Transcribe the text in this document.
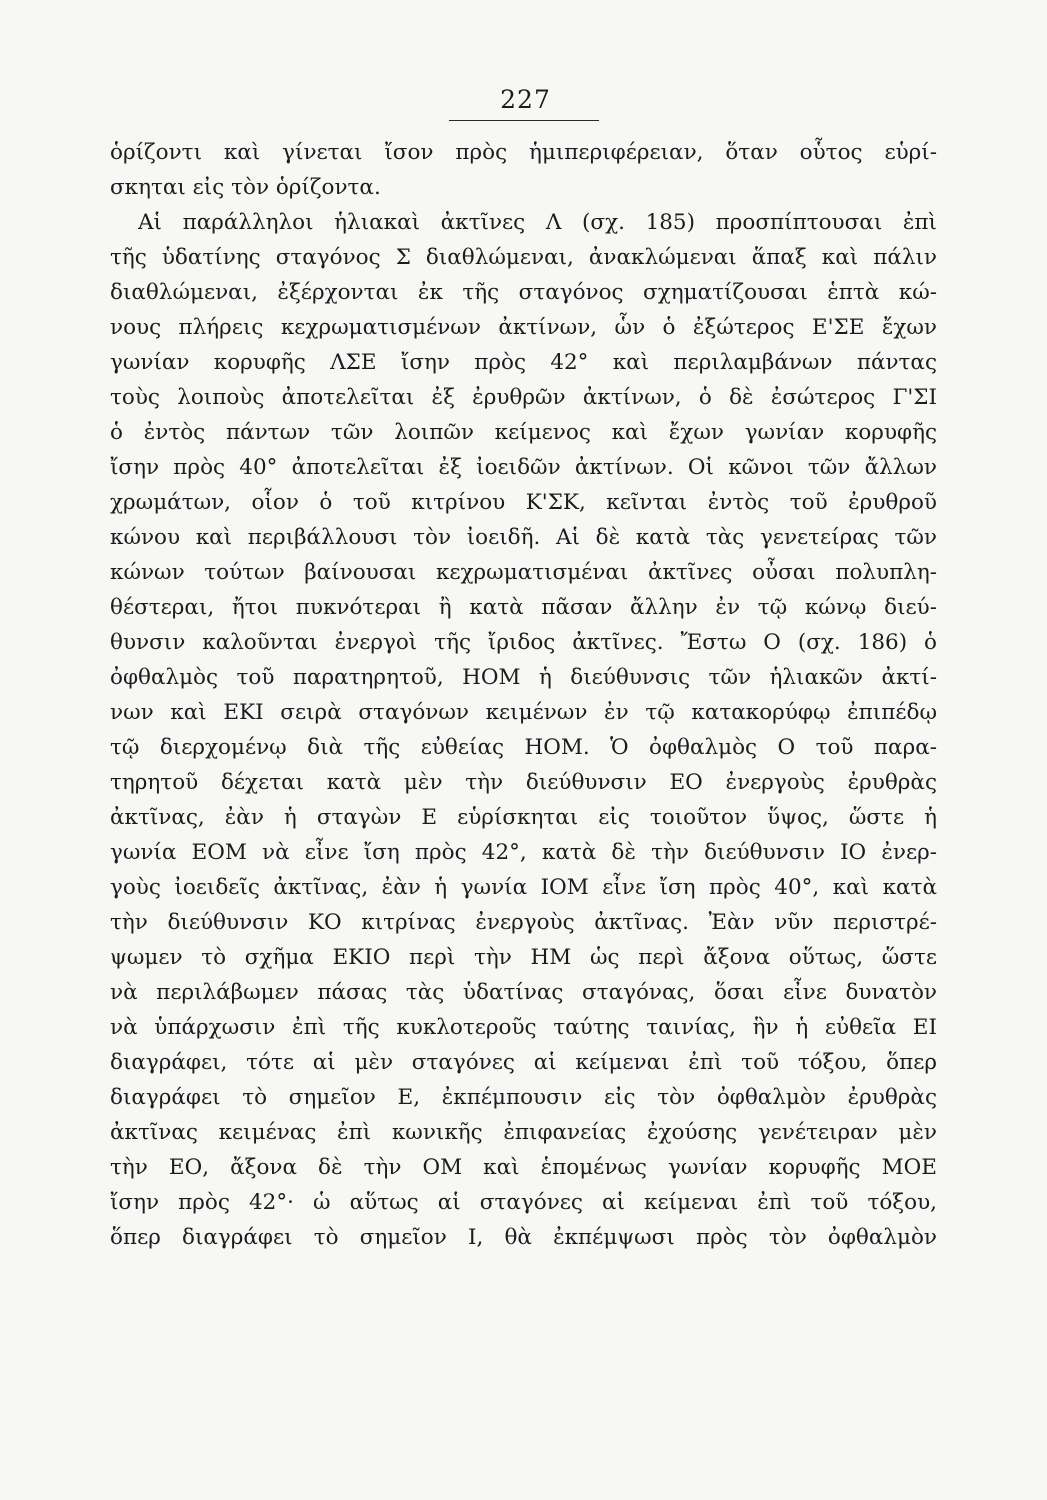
227
ὁρίζοντι καὶ γίνεται ἴσον πρὸς ἡμιπεριφέρειαν, ὅταν οὗτος εὑρί-
σκηται εἰς τὸν ὁρίζοντα.
Αἱ παράλληλοι ἡλιακαὶ ἀκτῖνες Λ (σχ. 185) προσπίπτουσαι ἐπὶ
τῆς ὑδατίνης σταγόνος Σ διαθλώμεναι, ἀνακλώμεναι ἅπαξ καὶ πάλιν
διαθλώμεναι, ἐξέρχονται ἐκ τῆς σταγόνος σχηματίζουσαι ἑπτὰ κώ-
νους πλήρεις κεχρωματισμένων ἀκτίνων, ὧν ὁ ἐξώτερος Ε'ΣΕ ἔχων
γωνίαν κορυφῆς ΛΣΕ ἴσην πρὸς 42° καὶ περιλαμβάνων πάντας
τοὺς λοιποὺς ἀποτελεῖται ἐξ ἐρυθρῶν ἀκτίνων, ὁ δὲ ἐσώτερος Γ'ΣΙ
ὁ ἐντὸς πάντων τῶν λοιπῶν κείμενος καὶ ἔχων γωνίαν κορυφῆς
ἴσην πρὸς 40° ἀποτελεῖται ἐξ ἰοειδῶν ἀκτίνων. Οἱ κῶνοι τῶν ἄλλων
χρωμάτων, οἷον ὁ τοῦ κιτρίνου Κ'ΣΚ, κεῖνται ἐντὸς τοῦ ἐρυθροῦ
κώνου καὶ περιβάλλουσι τὸν ἰοειδῆ. Αἱ δὲ κατὰ τὰς γενετείρας τῶν
κώνων τούτων βαίνουσαι κεχρωματισμέναι ἀκτῖνες οὖσαι πολυπλη-
θέστεραι, ἤτοι πυκνότεραι ἢ κατὰ πᾶσαν ἄλλην ἐν τῷ κώνῳ διεύ-
θυνσιν καλοῦνται ἐνεργοὶ τῆς ἴριδος ἀκτῖνες. Ἔστω Ο (σχ. 186) ὁ
ὀφθαλμὸς τοῦ παρατηρητοῦ, ΗΟΜ ἡ διεύθυνσις τῶν ἡλιακῶν ἀκτί-
νων καὶ ΕΚΙ σειρὰ σταγόνων κειμένων ἐν τῷ κατακορύφῳ ἐπιπέδῳ
τῷ διερχομένῳ διὰ τῆς εὐθείας ΗΟΜ. Ὁ ὀφθαλμὸς Ο τοῦ παρα-
τηρητοῦ δέχεται κατὰ μὲν τὴν διεύθυνσιν ΕΟ ἐνεργοὺς ἐρυθρὰς
ἀκτῖνας, ἐὰν ἡ σταγὼν Ε εὑρίσκηται εἰς τοιοῦτον ὕψος, ὥστε ἡ
γωνία ΕΟΜ νὰ εἶνε ἴση πρὸς 42°, κατὰ δὲ τὴν διεύθυνσιν ΙΟ ἐνερ-
γοὺς ἰοειδεῖς ἀκτῖνας, ἐὰν ἡ γωνία ΙΟΜ εἶνε ἴση πρὸς 40°, καὶ κατὰ
τὴν διεύθυνσιν ΚΟ κιτρίνας ἐνεργοὺς ἀκτῖνας. Ἐὰν νῦν περιστρέ-
ψωμεν τὸ σχῆμα ΕΚΙΟ περὶ τὴν ΗΜ ὡς περὶ ἄξονα οὕτως, ὥστε
νὰ περιλάβωμεν πάσας τὰς ὑδατίνας σταγόνας, ὅσαι εἶνε δυνατὸν
νὰ ὑπάρχωσιν ἐπὶ τῆς κυκλοτεροῦς ταύτης ταινίας, ἣν ἡ εὐθεῖα ΕΙ
διαγράφει, τότε αἱ μὲν σταγόνες αἱ κείμεναι ἐπὶ τοῦ τόξου, ὅπερ
διαγράφει τὸ σημεῖον Ε, ἐκπέμπουσιν εἰς τὸν ὀφθαλμὸν ἐρυθρὰς
ἀκτῖνας κειμένας ἐπὶ κωνικῆς ἐπιφανείας ἐχούσης γενέτειραν μὲν
τὴν ΕΟ, ἄξονα δὲ τὴν ΟΜ καὶ ἑπομένως γωνίαν κορυφῆς ΜΟΕ
ἴσην πρὸς 42°· ὡ αὕτως αἱ σταγόνες αἱ κείμεναι ἐπὶ τοῦ τόξου,
ὅπερ διαγράφει τὸ σημεῖον Ι, θὰ ἐκπέμψωσι πρὸς τὸν ὀφθαλμὸν
